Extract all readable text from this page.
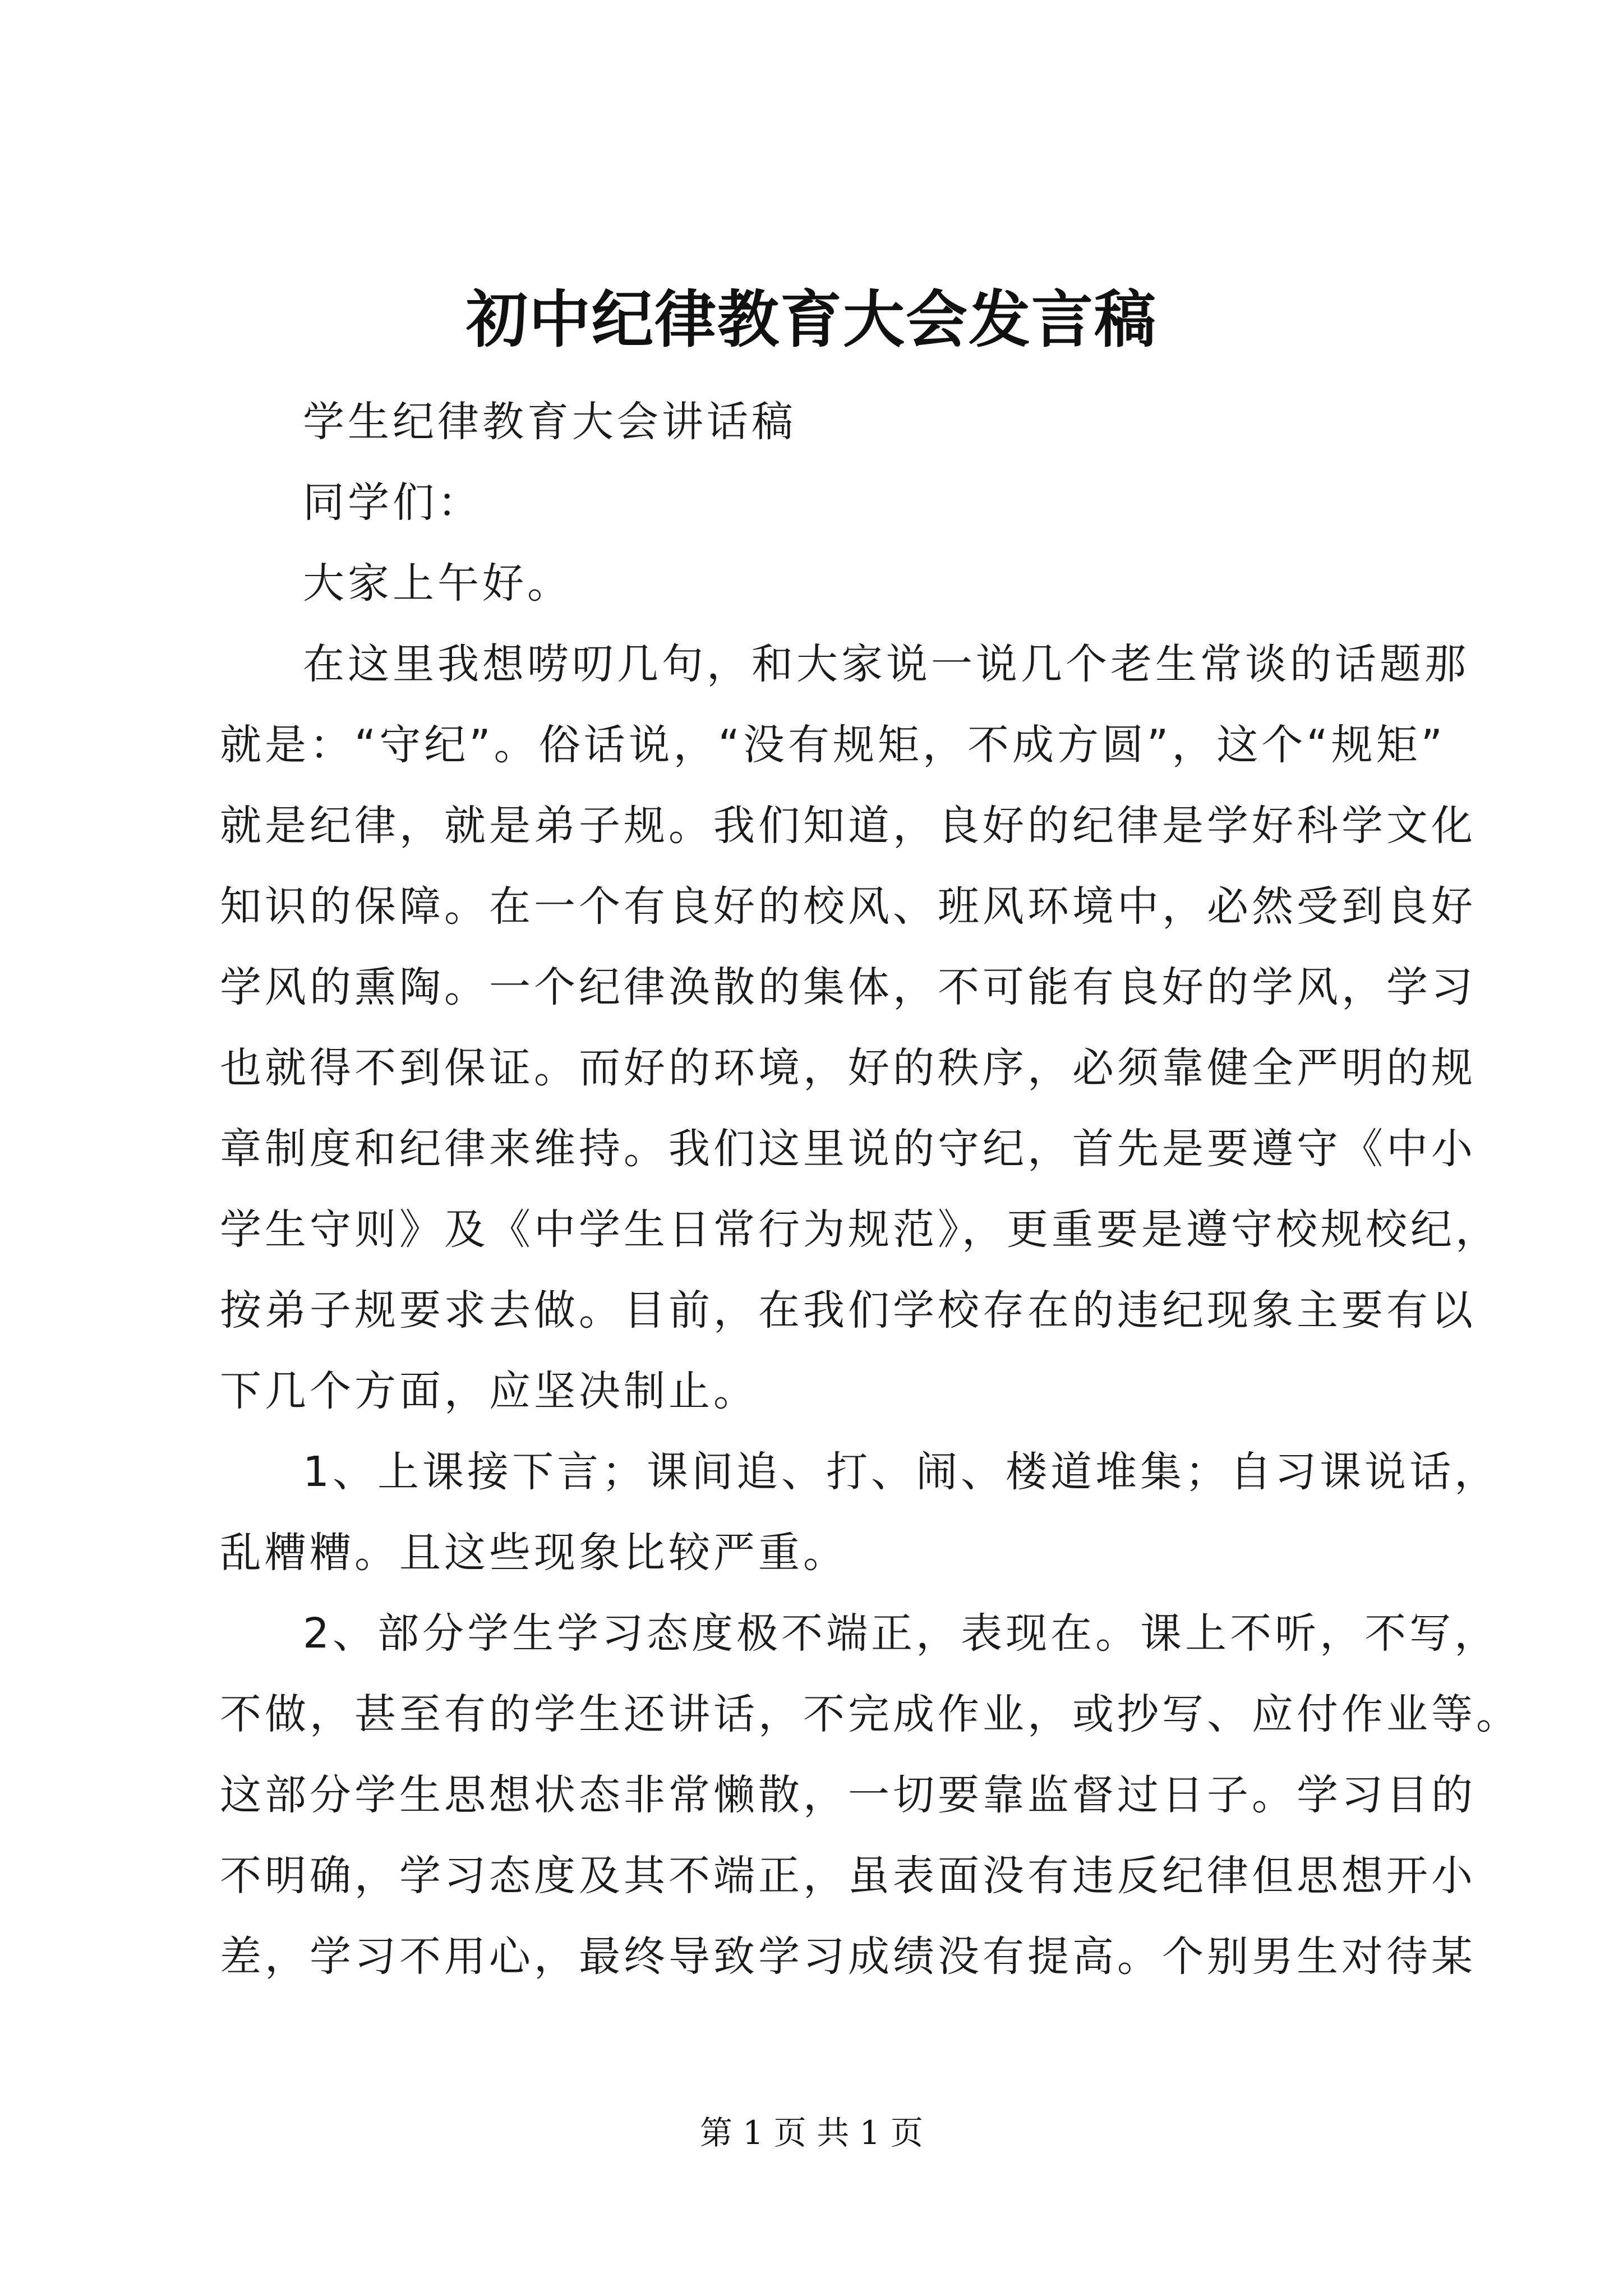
初中纪律教育大会发言稿
学生纪律教育大会讲话稿
同学们：
大家上午好。
在这里我想唠叨几句，和大家说一说几个老生常谈的话题那
就是：“守纪”。俗话说，“没有规矩，不成方圆”，这个“规矩”
就是纪律，就是弟子规。我们知道，良好的纪律是学好科学文化
知识的保障。在一个有良好的校风、班风环境中，必然受到良好
学风的熏陶。一个纪律涣散的集体，不可能有良好的学风，学习
也就得不到保证。而好的环境，好的秩序，必须靠健全严明的规
章制度和纪律来维持。我们这里说的守纪，首先是要遵守《中小
学生守则》及《中学生日常行为规范》，更重要是遵守校规校纪，
按弟子规要求去做。目前，在我们学校存在的违纪现象主要有以
下几个方面，应坚决制止。
1、上课接下言；课间追、打、闹、楼道堆集；自习课说话，
乱糟糟。且这些现象比较严重。
2、部分学生学习态度极不端正，表现在。课上不听，不写，
不做，甚至有的学生还讲话，不完成作业，或抄写、应付作业等。
这部分学生思想状态非常懒散，一切要靠监督过日子。学习目的
不明确，学习态度及其不端正，虽表面没有违反纪律但思想开小
差，学习不用心，最终导致学习成绩没有提高。个别男生对待某
第 1 页 共 1 页
